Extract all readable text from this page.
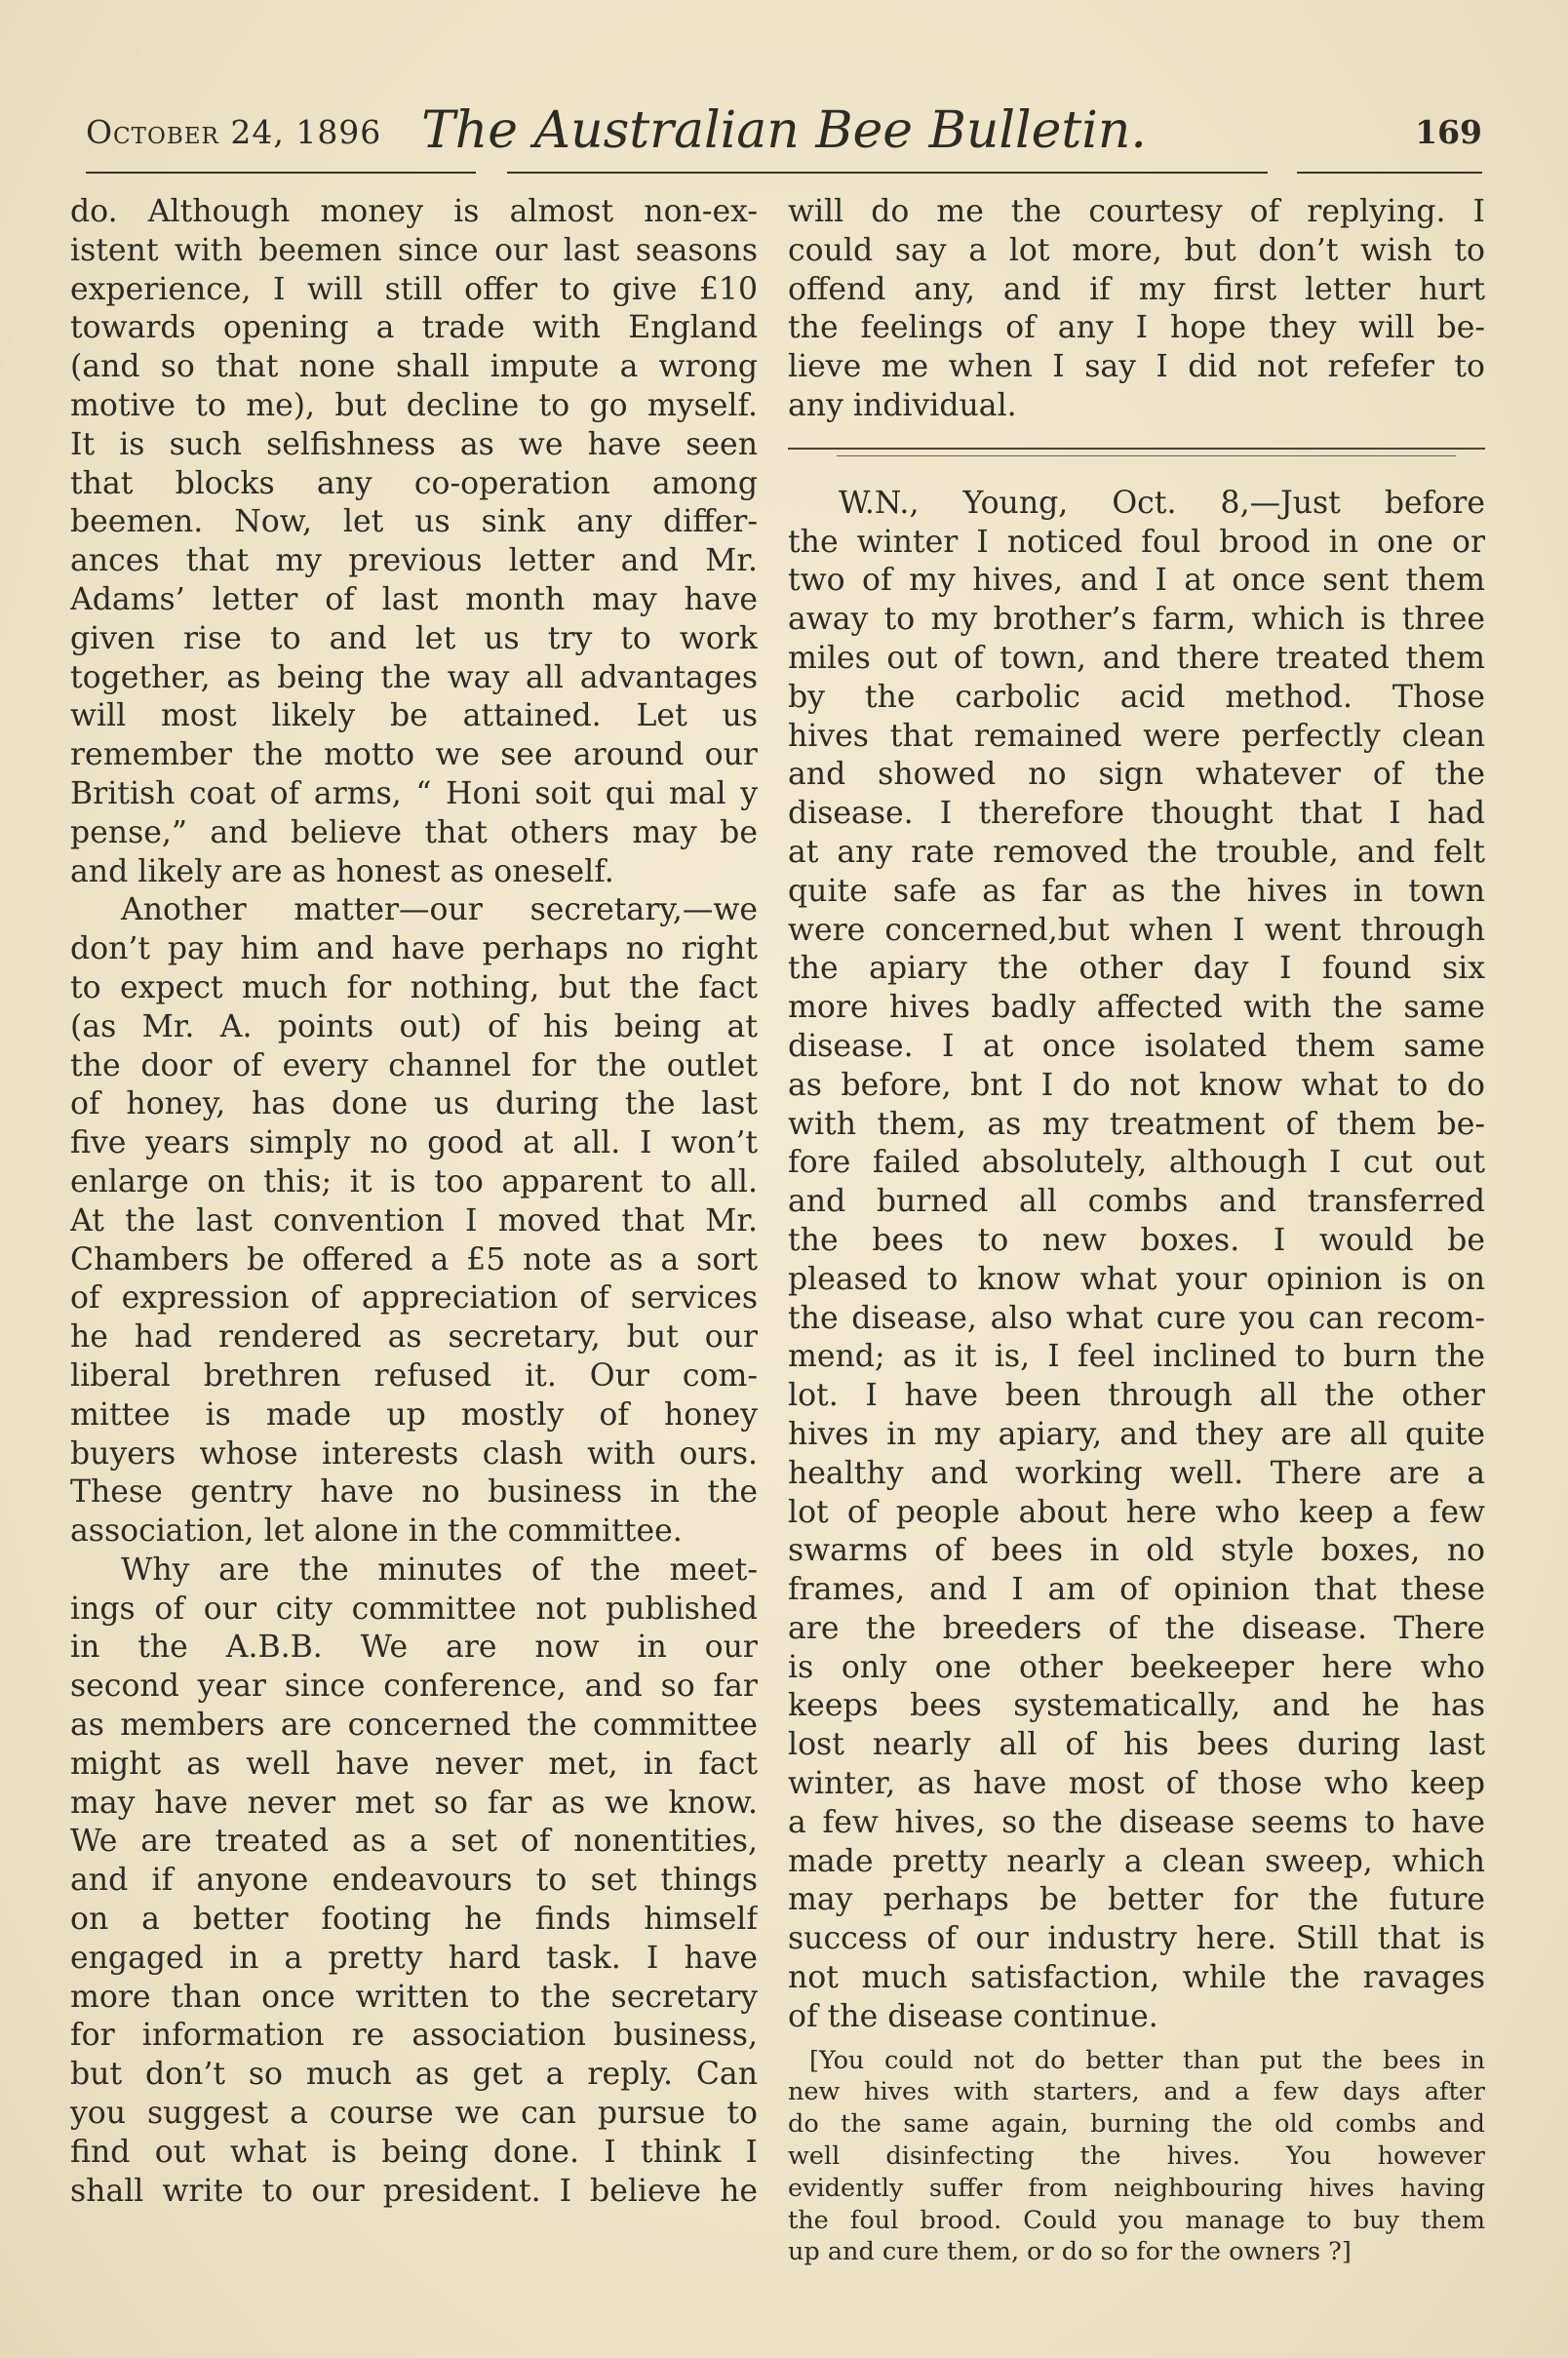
October 24, 1896 The Australian Bee Bulletin.	169
do. Although money is almost non-ex-
istent with beemen since our last seasons
experience, I will still offer to give £10
towards opening a trade with England
(and so that none shall impute a wrong
motive to me), but decline to go myself.
It is such selfishness as we have seen
that blocks any co-operation among
beemen. Now, let us sink any differ-
ances that my previous letter and Mr.
Adams’ letter of last month may have
given rise to and let us try to work
together, as being the way all advantages
will most likely be attained. Let us
remember the motto we see around our
British coat of arms, “ Honi soit qui mal y
pense,” and believe that others may be
and likely are as honest as oneself.
Another matter—our secretary,—we
don’t pay him and have perhaps no right
to expect much for nothing, but the fact
(as Mr. A. points out) of his being at
the door of every channel for the outlet
of honey, has done us during the last
five years simply no good at all. I won’t
enlarge on this; it is too apparent to all.
At the last convention I moved that Mr.
Chambers be offered a £5 note as a sort
of expression of appreciation of services
he had rendered as secretary, but our
liberal brethren refused it. Our com-
mittee is made up mostly of honey
buyers whose interests clash with ours.
These gentry have no business in the
association, let alone in the committee.
Why are the minutes of the meet-
ings of our city committee not published
in the A.B.B. We are now in our
second year since conference, and so far
as members are concerned the committee
might as well have never met, in fact
may have never met so far as we know.
We are treated as a set of nonentities,
and if anyone endeavours to set things
on a better footing he finds himself
engaged in a pretty hard task. I have
more than once written to the secretary
for information re association business,
but don’t so much as get a reply. Can
you suggest a course we can pursue to
find out what is being done. I think I
shall write to our president. I believe he
will do me the courtesy of replying. I
could say a lot more, but don’t wish to
offend any, and if my first letter hurt
the feelings of any I hope they will be-
lieve me when I say I did not refefer to
any individual.
W.N., Young, Oct. 8,—Just before
the winter I noticed foul brood in one or
two of my hives, and I at once sent them
away to my brother’s farm, which is three
miles out of town, and there treated them
by the carbolic acid method. Those
hives that remained were perfectly clean
and showed no sign whatever of the
disease. I therefore thought that I had
at any rate removed the trouble, and felt
quite safe as far as the hives in town
were concerned,but when I went through
the apiary the other day I found six
more hives badly affected with the same
disease. I at once isolated them same
as before, bnt I do not know what to do
with them, as my treatment of them be-
fore failed absolutely, although I cut out
and burned all combs and transferred
the bees to new boxes. I would be
pleased to know what your opinion is on
the disease, also what cure you can recom-
mend; as it is, I feel inclined to burn the
lot. I have been through all the other
hives in my apiary, and they are all quite
healthy and working well. There are a
lot of people about here who keep a few
swarms of bees in old style boxes, no
frames, and I am of opinion that these
are the breeders of the disease. There
is only one other beekeeper here who
keeps bees systematically, and he has
lost nearly all of his bees during last
winter, as have most of those who keep
a few hives, so the disease seems to have
made pretty nearly a clean sweep, which
may perhaps be better for the future
success of our industry here. Still that is
not much satisfaction, while the ravages
of the disease continue.
[You could not do better than put the bees in
new hives with starters, and a few days after
do the same again, burning the old combs and
well disinfecting the hives. You however
evidently suffer from neighbouring hives having
the foul brood. Could you manage to buy them
up and cure them, or do so for the owners ?]
